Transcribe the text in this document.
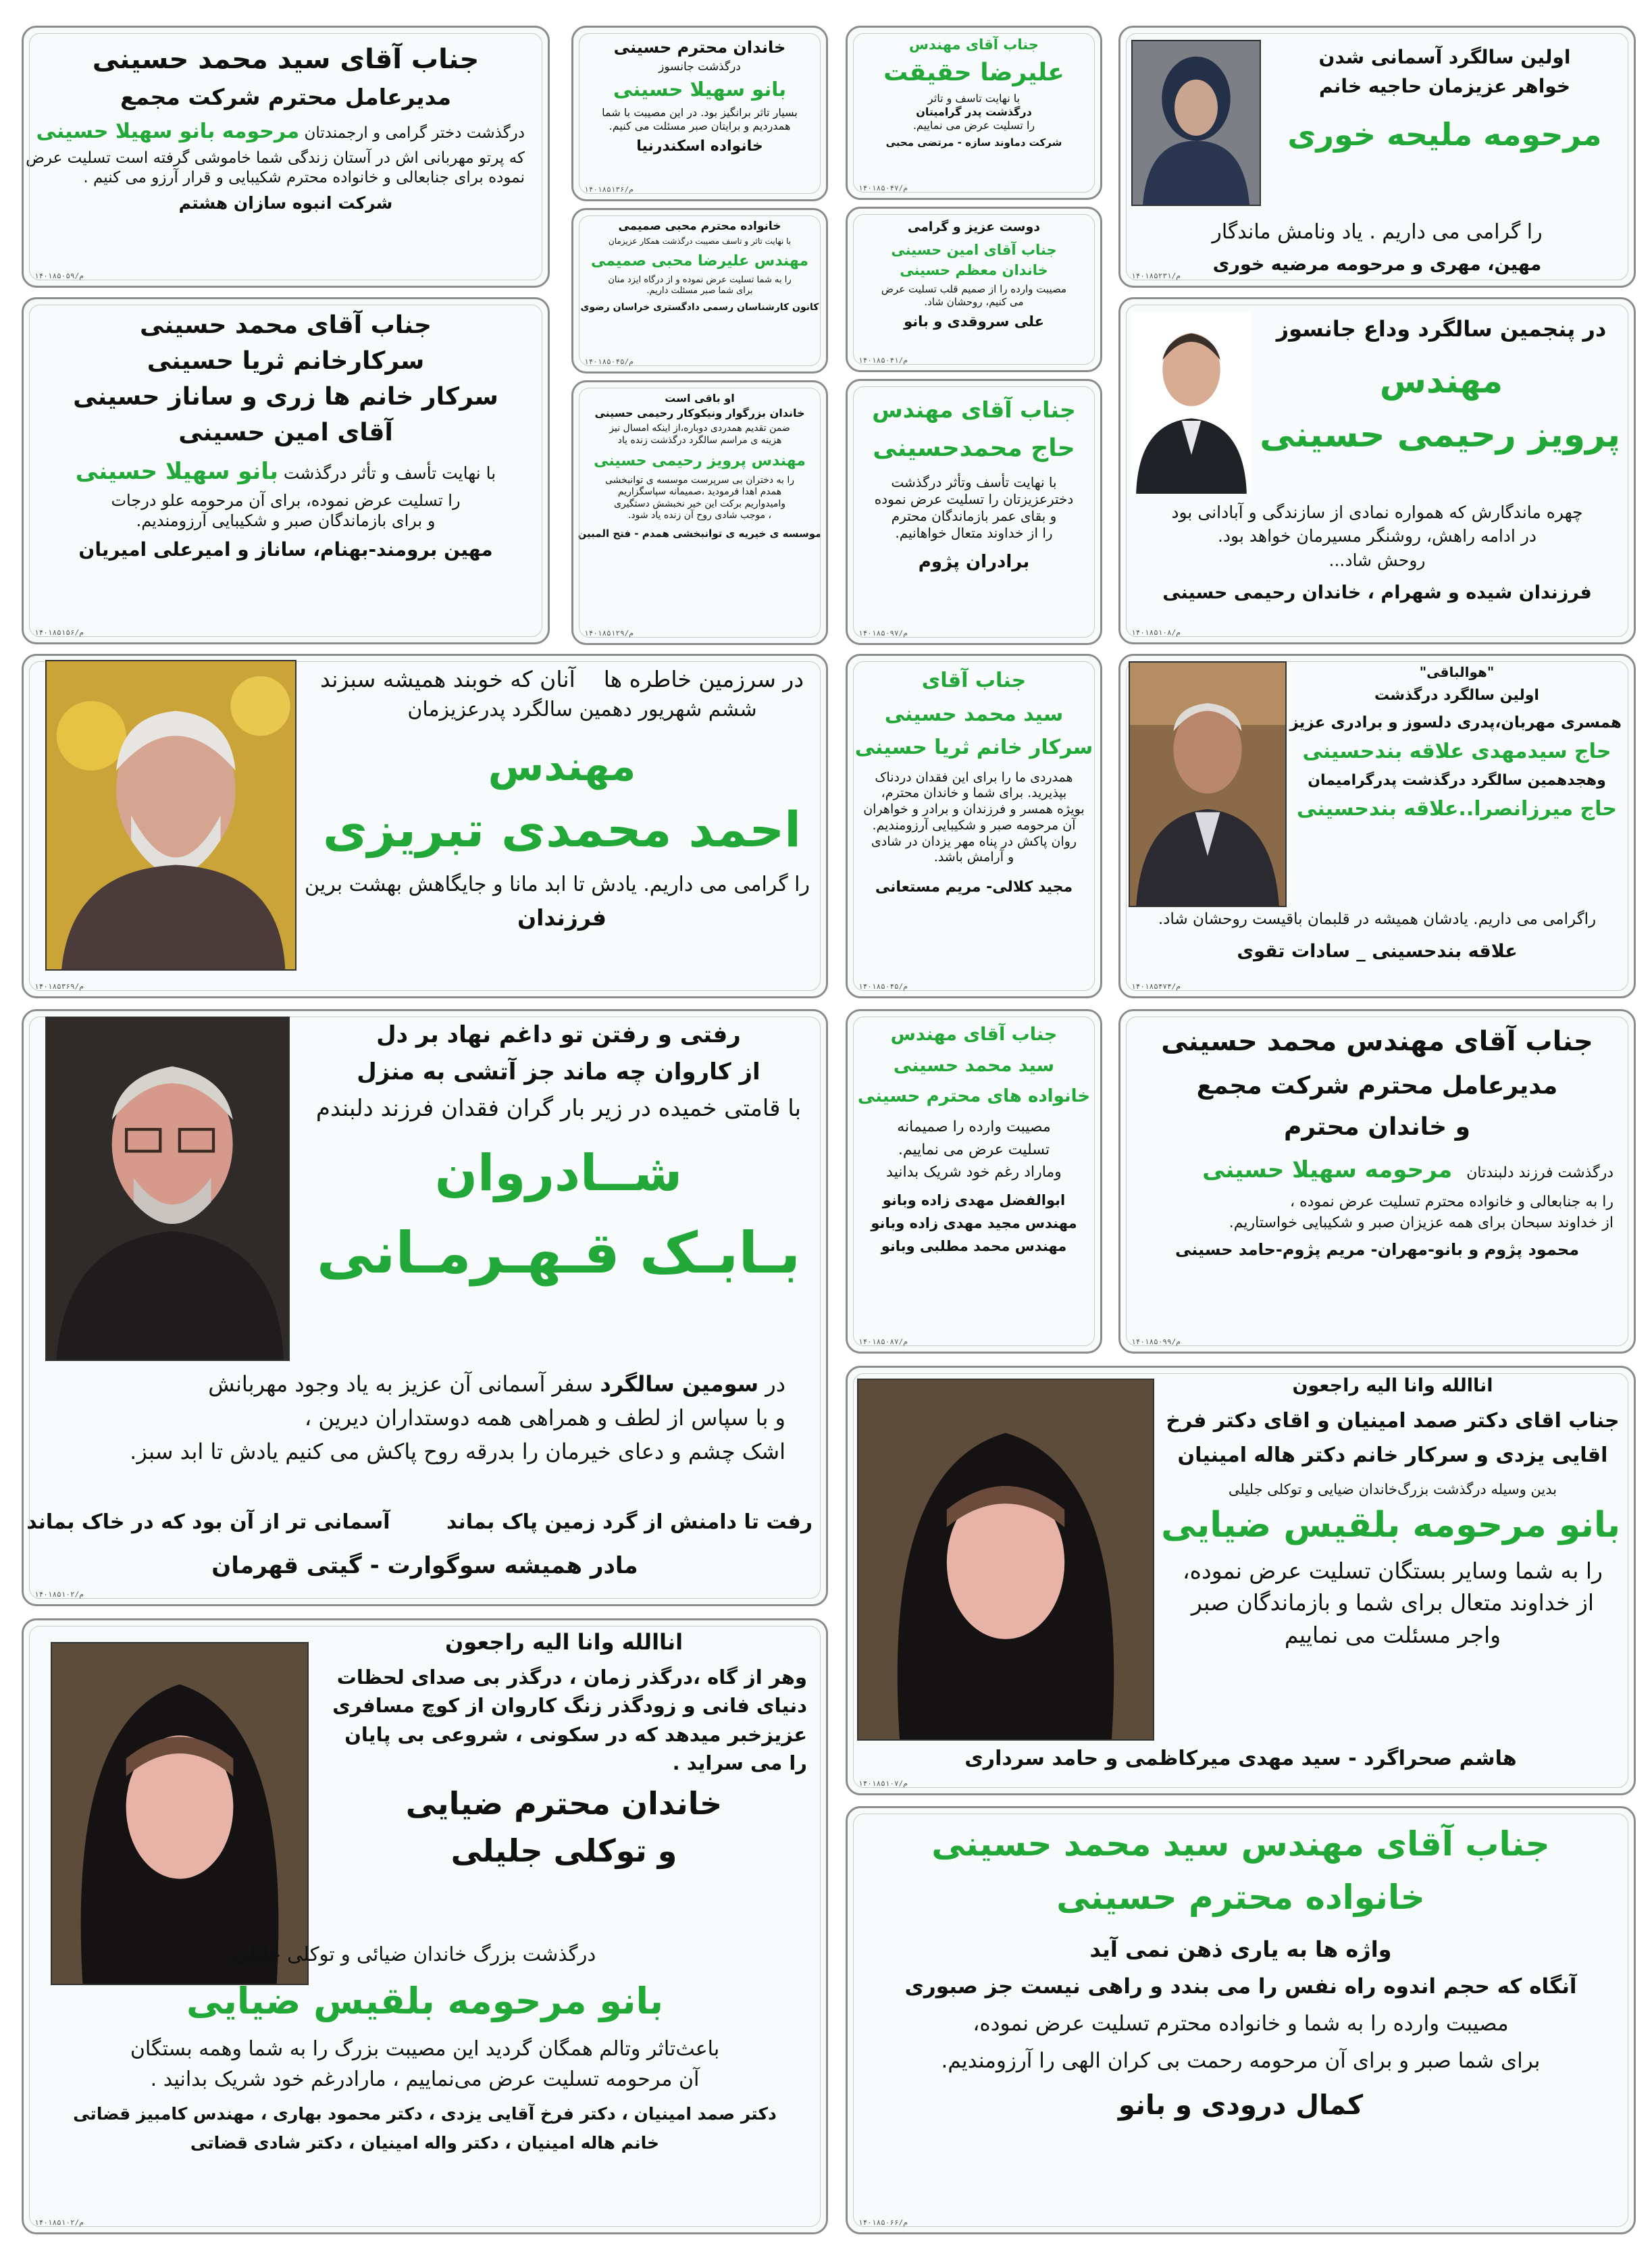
جناب آقای سید محمد حسینی
مدیرعامل محترم شرکت مجمع
درگذشت دختر گرامی و ارجمندتان مرحومه بانو سهیلا حسینی
که پرتو مهربانی اش در آستان زندگی شما خاموشی گرفته است تسلیت عرض
نموده برای جنابعالی و خانواده محترم شکیبایی و قرار آرزو می کنیم .
شرکت انبوه سازان هشتم
۱۴۰۱۸۵۰۵۹/م
جناب آقای محمد حسینی
سرکارخانم ثریا حسینی
سرکار خانم ها زری و ساناز حسینی
آقای امین حسینی
با نهایت تأسف و تأثر درگذشت بانو سهیلا حسینی
را تسلیت عرض نموده، برای آن مرحومه علو درجات
و برای بازماندگان صبر و شکیبایی آرزومندیم.
مهین برومند-بهنام، ساناز و امیرعلی امیریان
۱۴۰۱۸۵۱۵۶/م
خاندان محترم حسینی
درگذشت جانسوز
بانو سهیلا حسینی
بسیار تاثر برانگیز بود. در این مصیبت با شما
همدردیم و برایتان صبر مسئلت می کنیم.
خانواده اسکندرنیا
۱۴۰۱۸۵۱۳۶/م
خانواده محترم محبی صمیمی
با نهایت تاثر و تاسف مصیبت درگذشت همکار عزیزمان
مهندس علیرضا محبی صمیمی
را به شما تسلیت عرض نموده و از درگاه ایزد منان
برای شما صبر مسئلت داریم.
کانون کارشناسان رسمی دادگستری خراسان رضوی
۱۴۰۱۸۵۰۴۵/م
او باقی است
خاندان بزرگوار ونیکوکار رحیمی حسینی
ضمن تقدیم همدردی دوباره،از اینکه امسال نیز
هزینه ی مراسم سالگرد درگذشت زنده یاد
مهندس پرویز رحیمی حسینی
را به دختران بی سرپرست موسسه ی توانبخشی
همدم اهدا فرمودید ،صمیمانه سپاسگزاریم
وامیدواریم برکت این خیر نخبشش دستگیری
، موجب شادی روح آن زنده یاد شود.
موسسه ی خیریه ی توانبخشی همدم - فتح المبین
۱۴۰۱۸۵۱۲۹/م
جناب آقای مهندس
علیرضا حقیقت
با نهایت تاسف و تاثر
درگذشت پدر گرامیتان
را تسلیت عرض می نماییم.
شرکت دماوند سازه - مرتضی محبی
۱۴۰۱۸۵۰۴۷/م
دوست عزیز و گرامی
جناب آقای امین حسینی
خاندان معظم حسینی
مصیبت وارده را از صمیم قلب تسلیت عرض
می کنیم، روحشان شاد.
علی سروقدی و بانو
۱۴۰۱۸۵۰۴۱/م
جناب آقای مهندس
حاج محمدحسینی
با نهایت تأسف وتأثر درگذشت
دخترعزیزتان را تسلیت عرض نموده
و بقای عمر بازماندگان محترم
را از خداوند متعال خواهانیم.
برادران پژوم
۱۴۰۱۸۵۰۹۷/م
اولین سالگرد آسمانی شدن
خواهر عزیزمان حاجیه خانم
مرحومه ملیحه خوری
را گرامی می داریم . یاد ونامش ماندگار
مهین، مهری و مرحومه مرضیه خوری
۱۴۰۱۸۵۲۳۱/م
در پنجمین سالگرد وداع جانسوز
مهندس
پرویز رحیمی حسینی
چهره ماندگارش که همواره نمادی از سازندگی و آبادانی بود
در ادامه راهش، روشنگر مسیرمان خواهد بود.
روحش شاد...
فرزندان شیده و شهرام ، خاندان رحیمی حسینی
۱۴۰۱۸۵۱۰۸/م
در سرزمین خاطره ها    آنان که خوبند همیشه سبزند
ششم شهریور دهمین سالگرد پدرعزیزمان
مهندس
احمد محمدی تبریزی
را گرامی می داریم. یادش تا ابد مانا و جایگاهش بهشت برین
فرزندان
۱۴۰۱۸۵۳۶۹/م
جناب آقای
سید محمد حسینی
سرکار خانم ثریا حسینی
همدردی ما را برای این فقدان دردناک
بپذیرید. برای شما و خاندان محترم،
بویژه همسر و فرزندان و برادر و خواهران
آن مرحومه صبر و شکیبایی آرزومندیم.
روان پاکش در پناه مهر یزدان در شادی
و آرامش باشد.
مجید کلالی- مریم مستعانی
۱۴۰۱۸۵۰۴۵/م
"هوالباقی"
اولین سالگرد درگذشت
همسری مهربان،پدری دلسوز و برادری عزیز
حاج سیدمهدی علاقه بندحسینی
وهجدهمین سالگرد درگذشت پدرگرامیمان
حاج میرزانصرا..علاقه بندحسینی
راگرامی می داریم. یادشان همیشه در قلبمان باقیست روحشان شاد.
علاقه بندحسینی _ سادات تقوی
۱۴۰۱۸۵۴۷۴/م
رفتی و رفتن تو داغم نهاد بر دل
از کاروان چه ماند جز آتشی به منزل
با قامتی خمیده در زیر بار گران فقدان فرزند دلبندم
شــادروان
بـابـک قـهـرمـانی
در سومین سالگرد سفر آسمانی آن عزیز به یاد وجود مهربانش
و با سپاس از لطف و همراهی همه دوستداران دیرین ،
اشک چشم و دعای خیرمان را بدرقه روح پاکش می کنیم یادش تا ابد سبز.
رفت تا دامنش از گرد زمین پاک بماند        آسمانی تر از آن بود که در خاک بماند
مادر همیشه سوگوارت - گیتی قهرمان
۱۴۰۱۸۵۱۰۲/م
جناب آقای مهندس
سید محمد حسینی
خانواده های محترم حسینی
مصیبت وارده را صمیمانه
تسلیت عرض می نماییم.
وماراد رغم خود شریک بدانید
ابوالفضل مهدی زاده وبانو
مهندس مجید مهدی زاده وبانو
مهندس محمد مطلبی وبانو
۱۴۰۱۸۵۰۸۷/م
جناب آقای مهندس محمد حسینی
مدیرعامل محترم شرکت مجمع
و خاندان محترم
درگذشت فرزند دلبندتان   مرحومه سهیلا حسینی
را به جنابعالی و خانواده محترم تسلیت عرض نموده ،
از خداوند سبحان برای همه عزیزان صبر و شکیبایی خواستاریم.
محمود پژوم و بانو-مهران- مریم پژوم-حامد حسینی
۱۴۰۱۸۵۰۹۹/م
اناالله وانا الیه راجعون
جناب اقای دکتر صمد امینیان و اقای دکتر فرخ
اقایی یزدی و سرکار خانم دکتر هاله امینیان
بدین وسیله درگذشت بزرگ‌خاندان ضیایی و توکلی جلیلی
بانو مرحومه بلقیس ضیایی
را به شما وسایر بستگان تسلیت عرض نموده،
از خداوند متعال برای شما و بازماندگان صبر
واجر مسئلت می نماییم
هاشم صحراگرد - سید مهدی میرکاظمی و حامد سرداری
۱۴۰۱۸۵۱۰۷/م
اناالله وانا الیه راجعون
وهر از گاه ،درگذر زمان ، درگذر بی صدای لحظات
دنیای فانی و زودگذر زنگ کاروان از کوچ مسافری
عزیزخبر میدهد که در سکونی ، شروعی بی پایان
را می سراید .
خاندان محترم ضیایی
و توکلی جلیلی
درگذشت بزرگ خاندان ضیائی و توکلی جلیلی
بانو مرحومه بلقیس ضیایی
باعث‌تاثر وتالم همگان گردید این مصیبت بزرگ را به شما وهمه بستگان
آن مرحومه تسلیت عرض می‌نماییم ، مارادرغم خود شریک بدانید .
دکتر صمد امینیان ، دکتر فرخ آقایی یزدی ، دکتر محمود بهاری ، مهندس کامبیز قضاتی
خانم هاله امینیان ، دکتر واله امینیان ، دکتر شادی قضاتی
۱۴۰۱۸۵۱۰۲/م
جناب آقای مهندس سید محمد حسینی
خانواده محترم حسینی
واژه ها به یاری ذهن نمی آید
آنگاه که حجم اندوه راه نفس را می بندد و راهی نیست جز صبوری
مصیبت وارده را به شما و خانواده محترم تسلیت عرض نموده،
برای شما صبر و برای آن مرحومه رحمت بی کران الهی را آرزومندیم.
کمال درودی و بانو
۱۴۰۱۸۵۰۶۶/م
